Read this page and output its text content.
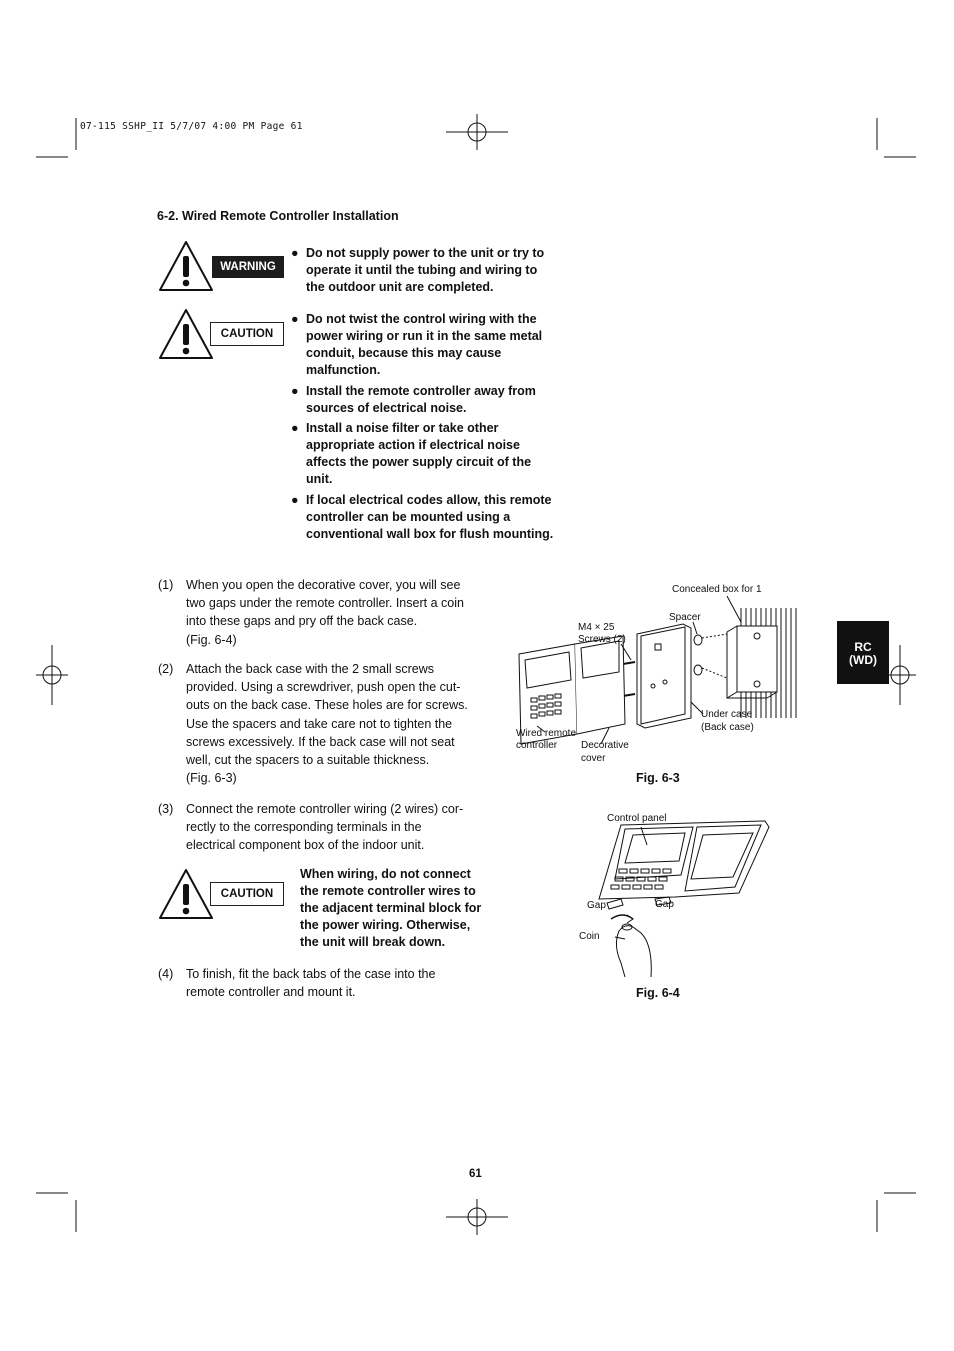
07-115 SSHP_II 5/7/07 4:00 PM Page 61
6-2. Wired Remote Controller Installation
WARNING
● Do not supply power to the unit or try to operate it until the tubing and wiring to the outdoor unit are completed.
CAUTION
● Do not twist the control wiring with the power wiring or run it in the same metal conduit, because this may cause malfunction.
● Install the remote controller away from sources of electrical noise.
● Install a noise filter or take other appropriate action if electrical noise affects the power supply circuit of the unit.
● If local electrical codes allow, this remote controller can be mounted using a conventional wall box for flush mounting.
(1) When you open the decorative cover, you will see
two gaps under the remote controller. Insert a coin
into these gaps and pry off the back case.
(Fig. 6-4)
(2) Attach the back case with the 2 small screws
provided. Using a screwdriver, push open the cut-
outs on the back case. These holes are for screws.
Use the spacers and take care not to tighten the
screws excessively. If the back case will not seat
well, cut the spacers to a suitable thickness.
(Fig. 6-3)
(3) Connect the remote controller wiring (2 wires) cor-
rectly to the corresponding terminals in the
electrical component box of the indoor unit.
CAUTION
When wiring, do not connect
the remote controller wires to
the adjacent terminal block for
the power wiring. Otherwise,
the unit will break down.
(4) To finish, fit the back tabs of the case into the
remote controller and mount it.
Concealed box for 1
Spacer
M4 × 25
Screws (2)
Under case
(Back case)
Wired remote
controller Decorative
cover
Fig. 6-3
Control panel
Gap	Gap
Coin
Fig. 6-4
RC
(WD)
61
